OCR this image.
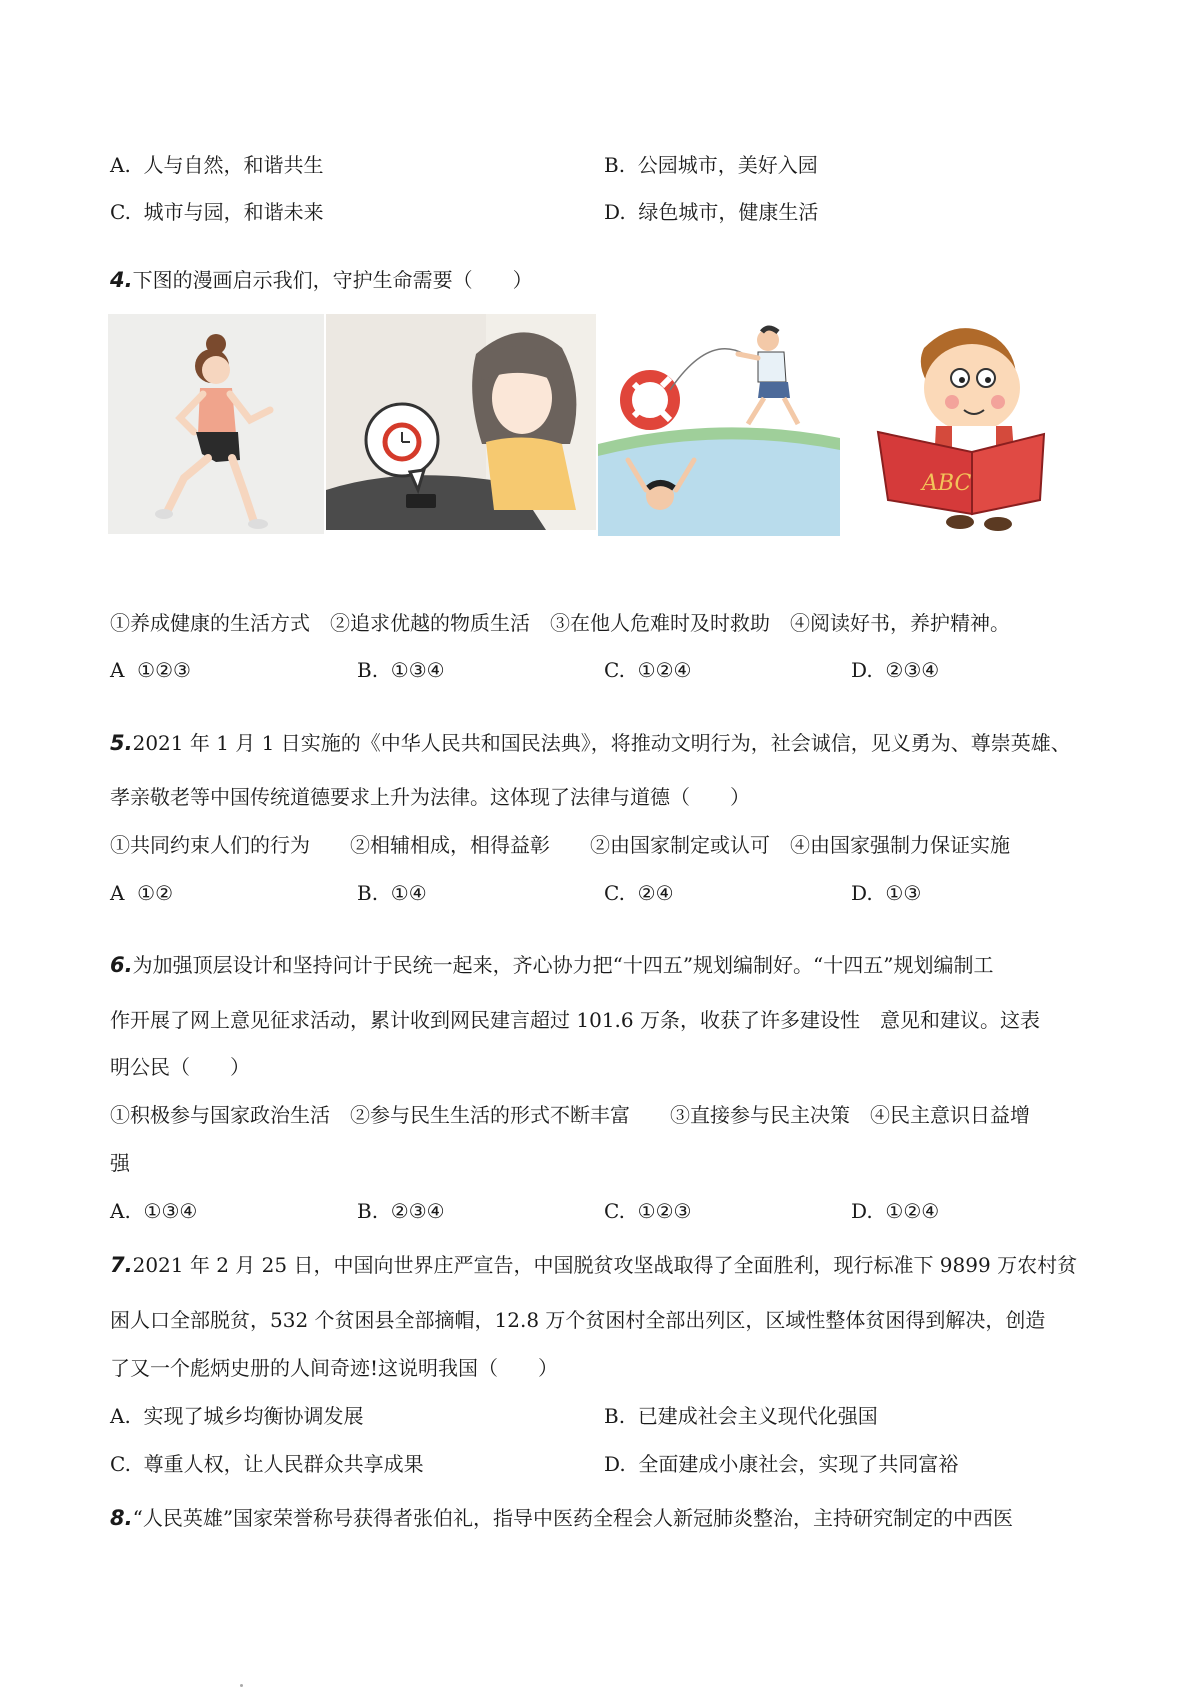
A. 人与自然，和谐共生	B. 公园城市，美好入园
C. 城市与园，和谐未来	D. 绿色城市，健康生活
4.下图的漫画启示我们，守护生命需要（　　）
ABC
①养成健康的生活方式　②追求优越的物质生活　③在他人危难时及时救助　④阅读好书，养护精神。
A ①②③	B. ①③④	C. ①②④	D. ②③④
5.2021 年 1 月 1 日实施的《中华人民共和国民法典》，将推动文明行为，社会诚信，见义勇为、尊崇英雄、
孝亲敬老等中国传统道德要求上升为法律。这体现了法律与道德（　　）
①共同约束人们的行为　　②相辅相成，相得益彰　　②由国家制定或认可　④由国家强制力保证实施
A ①②	B. ①④	C. ②④	D. ①③
6.为加强顶层设计和坚持问计于民统一起来，齐心协力把“十四五”规划编制好。“十四五”规划编制工
作开展了网上意见征求活动，累计收到网民建言超过 101.6 万条，收获了许多建设性　意见和建议。这表
明公民（　　）
①积极参与国家政治生活　②参与民生生活的形式不断丰富　　③直接参与民主决策　④民主意识日益增
强
A. ①③④	B. ②③④	C. ①②③	D. ①②④
7.2021 年 2 月 25 日，中国向世界庄严宣告，中国脱贫攻坚战取得了全面胜利，现行标准下 9899 万农村贫
困人口全部脱贫，532 个贫困县全部摘帽，12.8 万个贫困村全部出列区，区域性整体贫困得到解决，创造
了又一个彪炳史册的人间奇迹!这说明我国（　　）
A. 实现了城乡均衡协调发展	B. 已建成社会主义现代化强国
C. 尊重人权，让人民群众共享成果	D. 全面建成小康社会，实现了共同富裕
8.“人民英雄”国家荣誉称号获得者张伯礼，指导中医药全程会人新冠肺炎整治，主持研究制定的中西医
